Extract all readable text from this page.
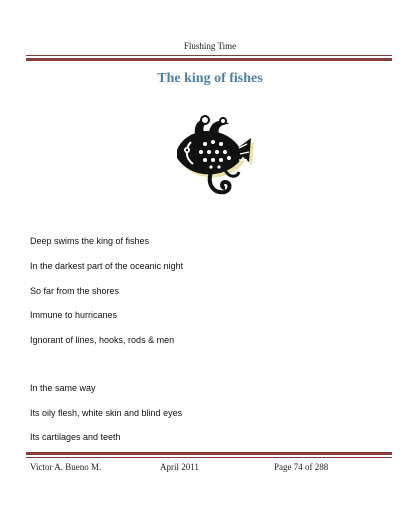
Flushing Time
The king of fishes
Deep swims the king of fishes
In the darkest part of the oceanic night
So far from the shores
Immune to hurricanes
Ignorant of lines, hooks, rods & men
In the same way
Its oily flesh, white skin and blind eyes
Its cartilages and teeth
Victor A. Bueno M.	April 2011	Page 74 of 288
